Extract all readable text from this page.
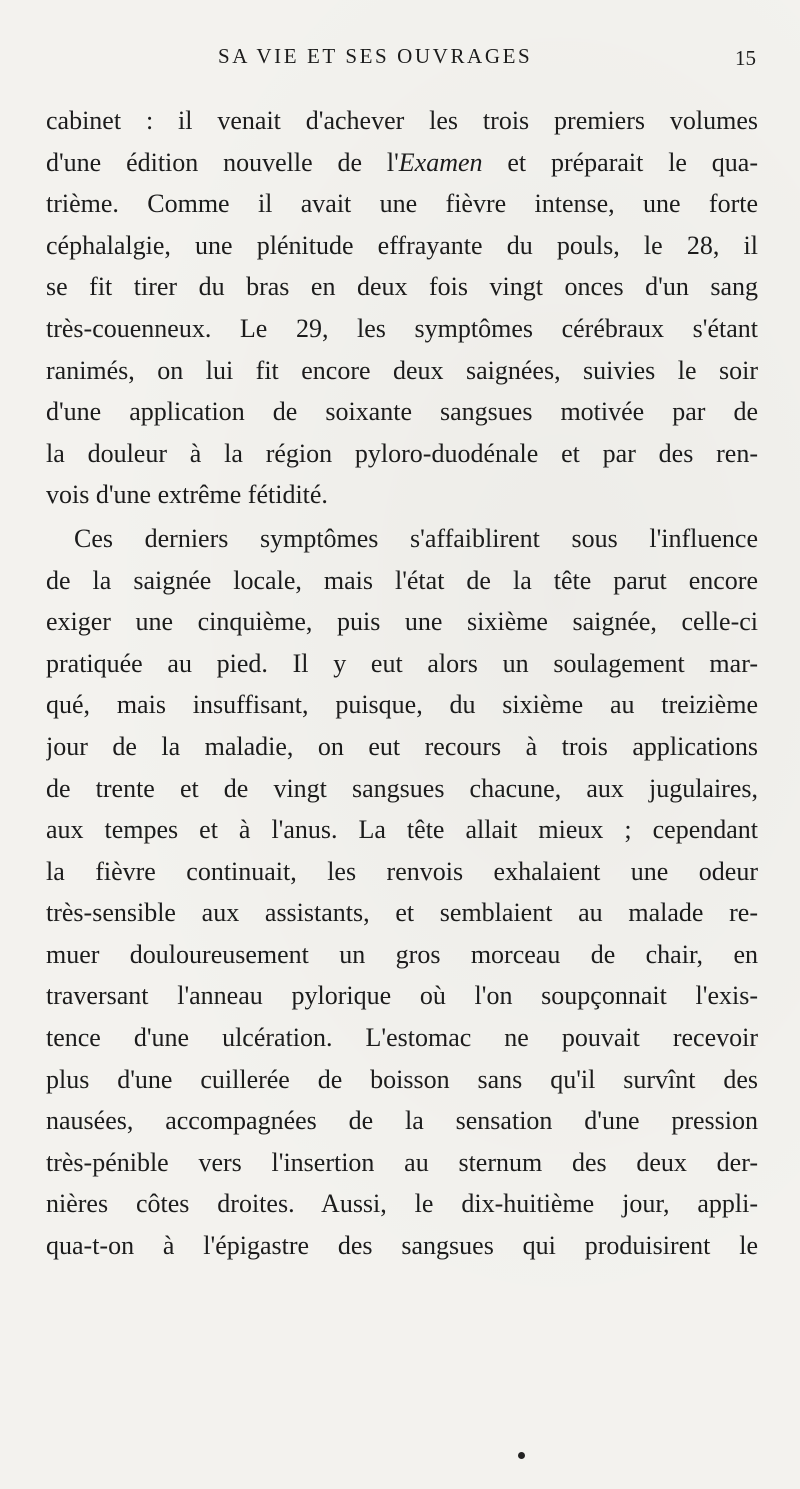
SA VIE ET SES OUVRAGES	15
cabinet : il venait d'achever les trois premiers volumes
d'une édition nouvelle de l'Examen et préparait le qua-
trième. Comme il avait une fièvre intense, une forte
céphalalgie, une plénitude effrayante du pouls, le 28, il
se fit tirer du bras en deux fois vingt onces d'un sang
très-couenneux. Le 29, les symptômes cérébraux s'étant
ranimés, on lui fit encore deux saignées, suivies le soir
d'une application de soixante sangsues motivée par de
la douleur à la région pyloro-duodénale et par des ren-
vois d'une extrême fétidité.
Ces derniers symptômes s'affaiblirent sous l'influence
de la saignée locale, mais l'état de la tête parut encore
exiger une cinquième, puis une sixième saignée, celle-ci
pratiquée au pied. Il y eut alors un soulagement mar-
qué, mais insuffisant, puisque, du sixième au treizième
jour de la maladie, on eut recours à trois applications
de trente et de vingt sangsues chacune, aux jugulaires,
aux tempes et à l'anus. La tête allait mieux ; cependant
la fièvre continuait, les renvois exhalaient une odeur
très-sensible aux assistants, et semblaient au malade re-
muer douloureusement un gros morceau de chair, en
traversant l'anneau pylorique où l'on soupçonnait l'exis-
tence d'une ulcération. L'estomac ne pouvait recevoir
plus d'une cuillerée de boisson sans qu'il survînt des
nausées, accompagnées de la sensation d'une pression
très-pénible vers l'insertion au sternum des deux der-
nières côtes droites. Aussi, le dix-huitième jour, appli-
qua-t-on à l'épigastre des sangsues qui produisirent le
